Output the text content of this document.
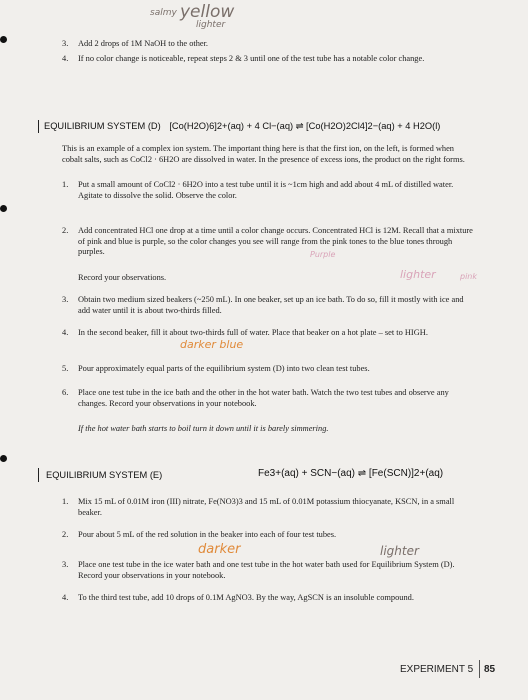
salmy yellow
lighter
3. Add 2 drops of 1M NaOH to the other.
4. If no color change is noticeable, repeat steps 2 & 3 until one of the test tube has a notable color change.
EQUILIBRIUM SYSTEM (D) [Co(H2O)6]2+(aq) + 4 Cl−(aq) ⇌ [Co(H2O)2Cl4]2−(aq) + 4 H2O(l)
This is an example of a complex ion system. The important thing here is that the first ion, on the left, is formed when cobalt salts, such as CoCl2 · 6H2O are dissolved in water. In the presence of excess ions, the product on the right forms.
1. Put a small amount of CoCl2 · 6H2O into a test tube until it is ~1cm high and add about 4 mL of distilled water. Agitate to dissolve the solid. Observe the color.
2. Add concentrated HCl one drop at a time until a color change occurs. Concentrated HCl is 12M. Recall that a mixture of pink and blue is purple, so the color changes you see will range from the pink tones to the blue tones through purples.	Purple
Record your observations.	lighter	pink
3. Obtain two medium sized beakers (~250 mL). In one beaker, set up an ice bath. To do so, fill it mostly with ice and add water until it is about two-thirds filled.
4. In the second beaker, fill it about two-thirds full of water. Place that beaker on a hot plate – set to HIGH.
darker blue
5. Pour approximately equal parts of the equilibrium system (D) into two clean test tubes.
6. Place one test tube in the ice bath and the other in the hot water bath. Watch the two test tubes and observe any changes. Record your observations in your notebook.
If the hot water bath starts to boil turn it down until it is barely simmering.
EQUILIBRIUM SYSTEM (E)	Fe3+(aq) + SCN−(aq) ⇌ [Fe(SCN)]2+(aq)
1. Mix 15 mL of 0.01M iron (III) nitrate, Fe(NO3)3 and 15 mL of 0.01M potassium thiocyanate, KSCN, in a small beaker.
2. Pour about 5 mL of the red solution in the beaker into each of four test tubes.
darker	lighter
3. Place one test tube in the ice water bath and one test tube in the hot water bath used for Equilibrium System (D). Record your observations in your notebook.
4. To the third test tube, add 10 drops of 0.1M AgNO3. By the way, AgSCN is an insoluble compound.
EXPERIMENT 5 85
